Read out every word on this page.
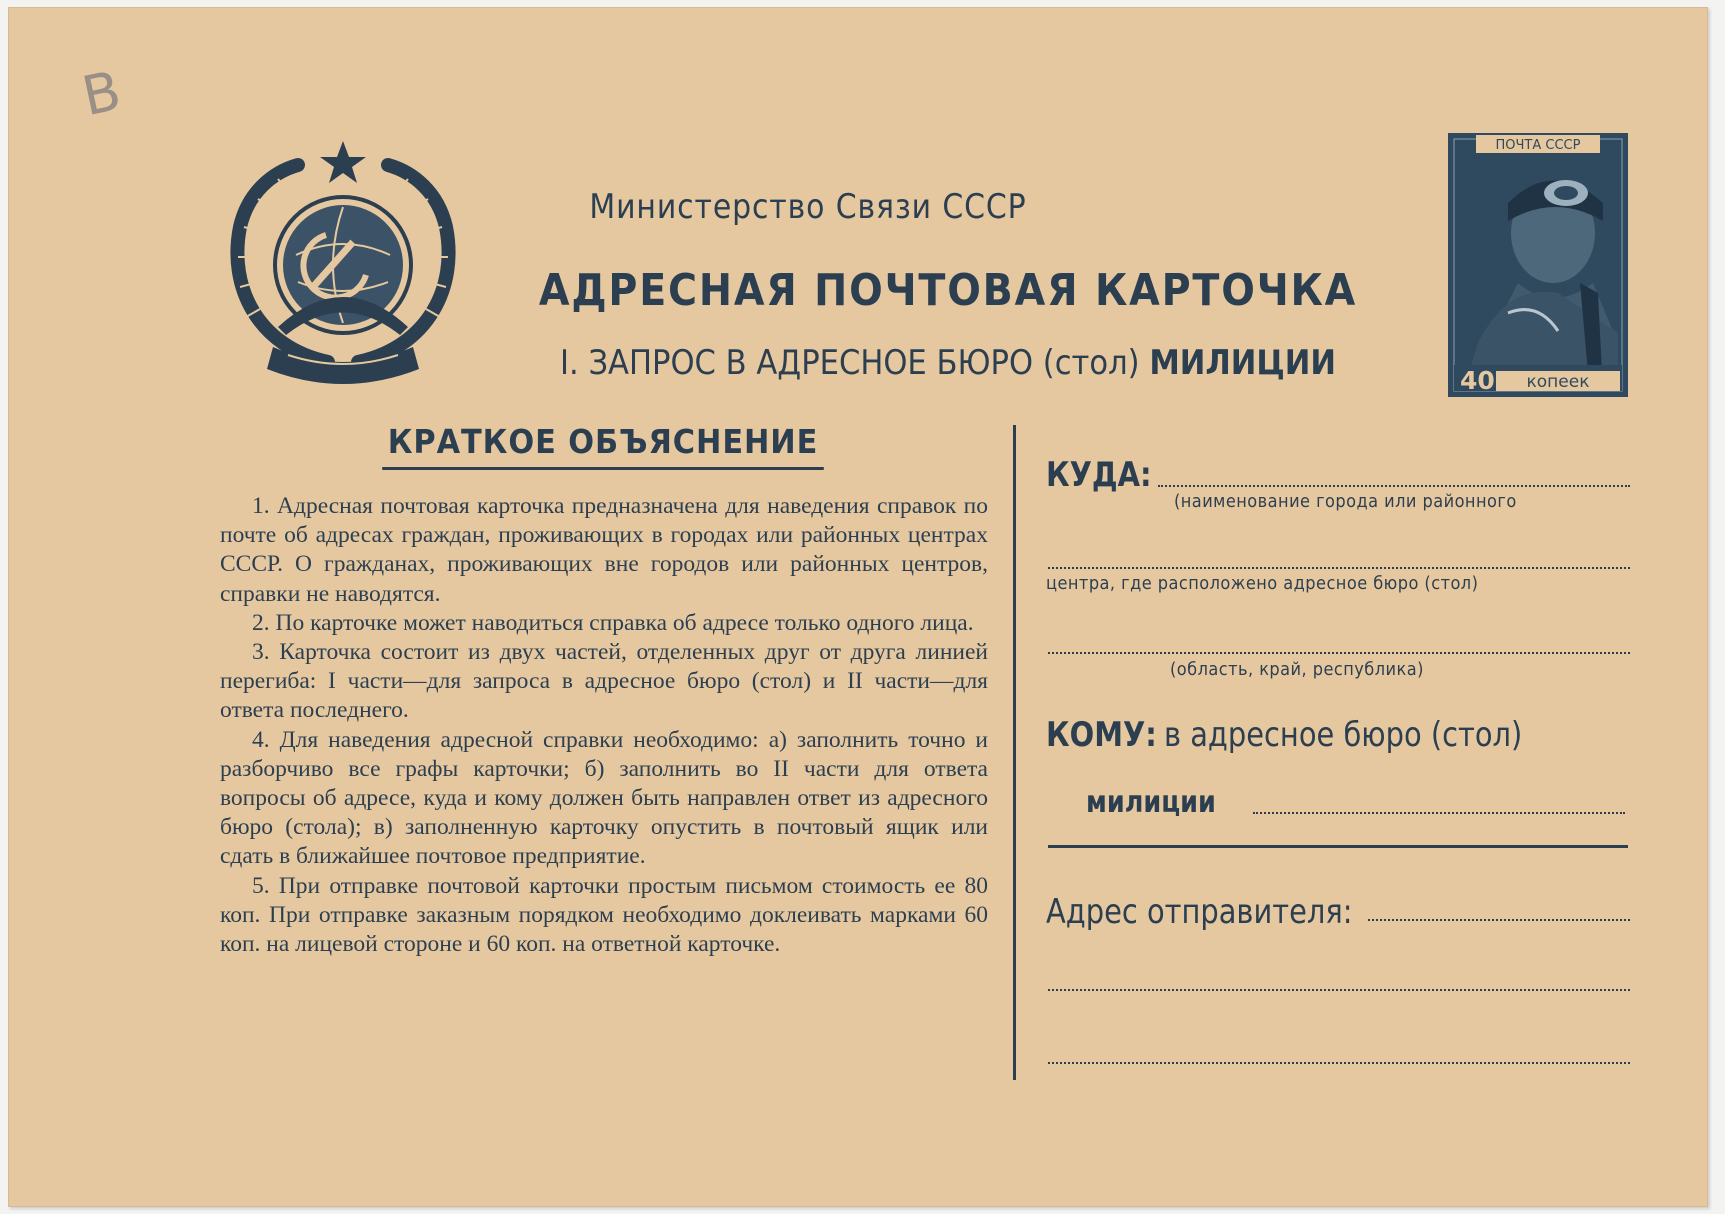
В
Министерство Связи СССР
АДРЕСНАЯ ПОЧТОВАЯ КАРТОЧКА
I. ЗАПРОС В АДРЕСНОЕ БЮРО (стол) МИЛИЦИИ
ПОЧТА СССР
40 копеек
КРАТКОЕ ОБЪЯСНЕНИЕ

1. Адресная почтовая карточка предназначена для наведения справок по почте об адресах граждан, проживающих в городах или районных центрах СССР. О гражданах, проживающих вне городов или районных центров, справки не наводятся.

2. По карточке может наводиться справка об адресе только одного лица.

3. Карточка состоит из двух частей, отделенных друг от друга линией перегиба: I части—для запроса в адресное бюро (стол) и II части—для ответа последнего.

4. Для наведения адресной справки необходимо: а) заполнить точно и разборчиво все графы карточки; б) заполнить во II части для ответа вопросы об адресе, куда и кому должен быть направлен ответ из адресного бюро (стола); в) заполненную карточку опустить в почтовый ящик или сдать в ближайшее почтовое предприятие.

5. При отправке почтовой карточки простым письмом стоимость ее 80 коп. При отправке заказным порядком необходимо доклеивать марками 60 коп. на лицевой стороне и 60 коп. на ответной карточке.

КУДА:
(наименование города или районного
центра, где расположено адресное бюро (стол)
(область, край, республика)
КОМУ: в адресное бюро (стол)
милиции
Адрес отправителя:
